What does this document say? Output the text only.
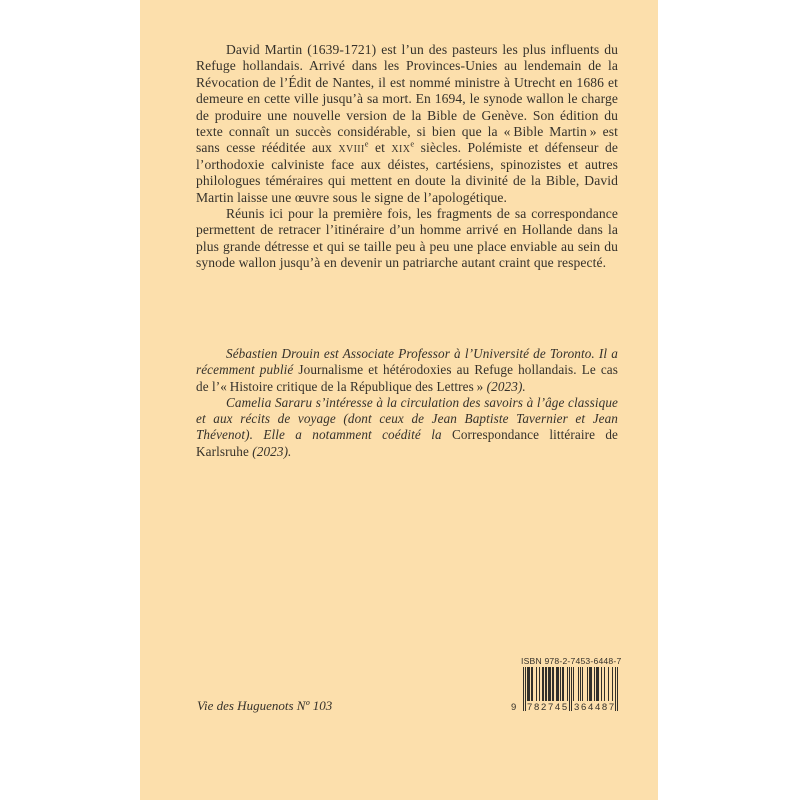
David Martin (1639-1721) est l’un des pasteurs les plus influents du Refuge hollandais. Arrivé dans les Provinces-Unies au lendemain de la Révocation de l’Édit de Nantes, il est nommé ministre à Utrecht en 1686 et demeure en cette ville jusqu’à sa mort. En 1694, le synode wallon le charge de produire une nouvelle version de la Bible de Genève. Son édition du texte connaît un succès considérable, si bien que la « Bible Martin » est sans cesse rééditée aux xviii$^e$ et xix$^e$ siècles. Polémiste et défenseur de l’orthodoxie calviniste face aux déistes, cartésiens, spinozistes et autres philologues téméraires qui mettent en doute la divinité de la Bible, David Martin laisse une œuvre sous le signe de l’apologétique.

Réunis ici pour la première fois, les fragments de sa correspondance permettent de retracer l’itinéraire d’un homme arrivé en Hollande dans la plus grande détresse et qui se taille peu à peu une place enviable au sein du synode wallon jusqu’à en devenir un patriarche autant craint que respecté.

Sébastien Drouin est Associate Professor à l’Université de Toronto. Il a récemment publié Journalisme et hétérodoxies au Refuge hollandais. Le cas de l’« Histoire critique de la République des Lettres » (2023).

Camelia Sararu s’intéresse à la circulation des savoirs à l’âge classique et aux récits de voyage (dont ceux de Jean Baptiste Tavernier et Jean Thévenot). Elle a notamment coédité la Correspondance littéraire de Karlsruhe (2023).

Vie des Huguenots Nº 103
ISBN 978-2-7453-6448-7
9 782745 364487
